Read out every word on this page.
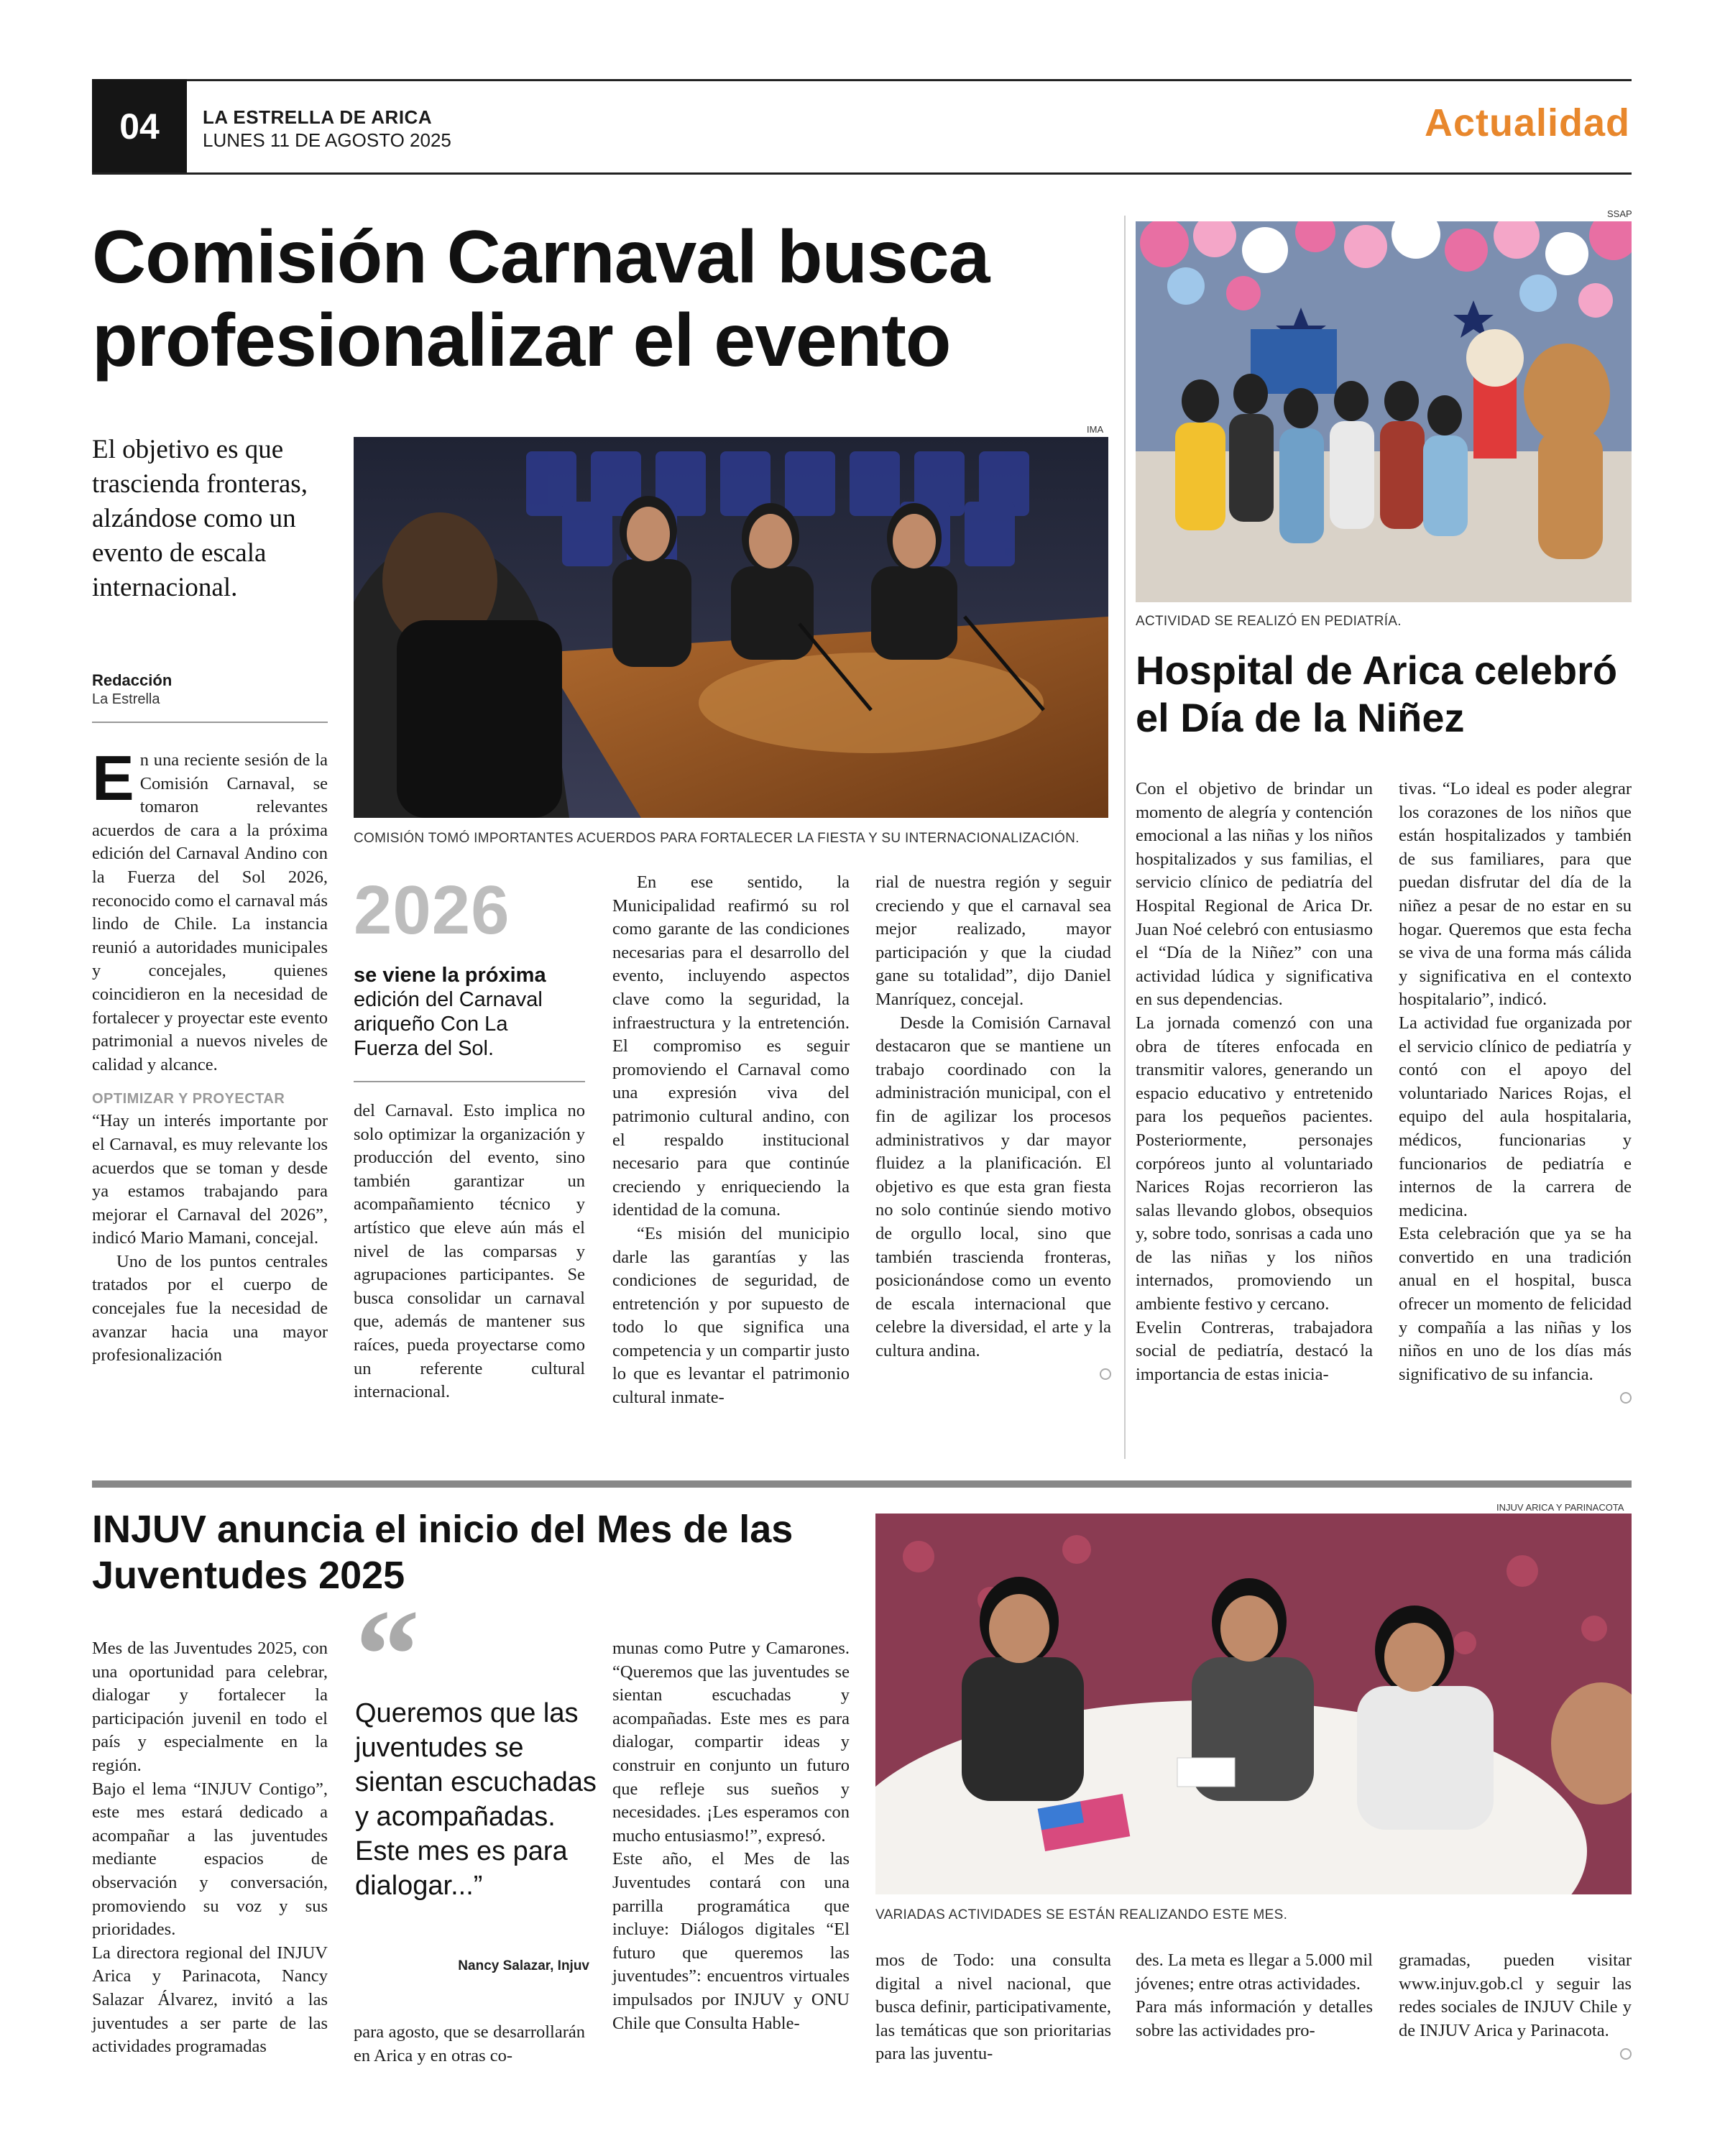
04	LA ESTRELLA DE ARICA
LUNES 11 DE AGOSTO 2025	Actualidad
Comisión Carnaval busca profesionalizar el evento
El objetivo es que trascienda fronteras, alzándose como un evento de escala internacional.
Redacción
La Estrella
IMA
COMISIÓN TOMÓ IMPORTANTES ACUERDOS PARA FORTALECER LA FIESTA Y SU INTERNACIONALIZACIÓN.

En una reciente sesión de la Comisión Carnaval, se tomaron relevantes acuerdos de cara a la próxima edición del Carnaval Andino con la Fuerza del Sol 2026, reconocido como el carnaval más lindo de Chile. La instancia reunió a autoridades municipales y concejales, quienes coincidieron en la necesidad de fortalecer y proyectar este evento patrimonial a nuevos niveles de calidad y alcance.

OPTIMIZAR Y PROYECTAR

“Hay un interés importante por el Carnaval, es muy relevante los acuerdos que se toman y desde ya estamos trabajando para mejorar el Carnaval del 2026”, indicó Mario Mamani, concejal.

Uno de los puntos centrales tratados por el cuerpo de concejales fue la necesidad de avanzar hacia una mayor profesionalización

2026
se viene la próxima edición del Carnaval ariqueño Con La Fuerza del Sol.

del Carnaval. Esto implica no solo optimizar la organización y producción del evento, sino también garantizar un acompañamiento técnico y artístico que eleve aún más el nivel de las comparsas y agrupaciones participantes. Se busca consolidar un carnaval que, además de mantener sus raíces, pueda proyectarse como un referente cultural internacional.

En ese sentido, la Municipalidad reafirmó su rol como garante de las condiciones necesarias para el desarrollo del evento, incluyendo aspectos clave como la seguridad, la infraestructura y la entretención. El compromiso es seguir promoviendo el Carnaval como una expresión viva del patrimonio cultural andino, con el respaldo institucional necesario para que continúe creciendo y enriqueciendo la identidad de la comuna.

“Es misión del municipio darle las garantías y las condiciones de seguridad, de entretención y por supuesto de todo lo que significa una competencia y un compartir justo lo que es levantar el patrimonio cultural inmate-

rial de nuestra región y seguir creciendo y que el carnaval sea mejor realizado, mayor participación y que la ciudad gane su totalidad”, dijo Daniel Manríquez, concejal.

Desde la Comisión Carnaval destacaron que se mantiene un trabajo coordinado con la administración municipal, con el fin de agilizar los procesos administrativos y dar mayor fluidez a la planificación. El objetivo es que esta gran fiesta no solo continúe siendo motivo de orgullo local, sino que también trascienda fronteras, posicionándose como un evento de escala internacional que celebre la diversidad, el arte y la cultura andina.

SSAP
ACTIVIDAD SE REALIZÓ EN PEDIATRÍA.
Hospital de Arica celebró el Día de la Niñez

Con el objetivo de brindar un momento de alegría y contención emocional a las niñas y los niños hospitalizados y sus familias, el servicio clínico de pediatría del Hospital Regional de Arica Dr. Juan Noé celebró con entusiasmo el “Día de la Niñez” con una actividad lúdica y significativa en sus dependencias.

La jornada comenzó con una obra de títeres enfocada en transmitir valores, generando un espacio educativo y entretenido para los pequeños pacientes. Posteriormente, personajes corpóreos junto al voluntariado Narices Rojas recorrieron las salas llevando globos, obsequios y, sobre todo, sonrisas a cada uno de las niñas y los niños internados, promoviendo un ambiente festivo y cercano.

Evelin Contreras, trabajadora social de pediatría, destacó la importancia de estas inicia-

tivas. “Lo ideal es poder alegrar los corazones de los niños que están hospitalizados y también de sus familiares, para que puedan disfrutar del día de la niñez a pesar de no estar en su hogar. Queremos que esta fecha se viva de una forma más cálida y significativa en el contexto hospitalario”, indicó.

La actividad fue organizada por el servicio clínico de pediatría y contó con el apoyo del voluntariado Narices Rojas, el equipo del aula hospitalaria, médicos, funcionarias y funcionarios de pediatría e internos de la carrera de medicina.

Esta celebración que ya se ha convertido en una tradición anual en el hospital, busca ofrecer un momento de felicidad y compañía a las niñas y los niños en uno de los días más significativo de su infancia.

INJUV anuncia el inicio del Mes de las Juventudes 2025
INJUV ARICA Y PARINACOTA
VARIADAS ACTIVIDADES SE ESTÁN REALIZANDO ESTE MES.

Mes de las Juventudes 2025, con una oportunidad para celebrar, dialogar y fortalecer la participación juvenil en todo el país y especialmente en la región.

Bajo el lema “INJUV Contigo”, este mes estará dedicado a acompañar a las juventudes mediante espacios de observación y conversación, promoviendo su voz y sus prioridades.

La directora regional del INJUV Arica y Parinacota, Nancy Salazar Álvarez, invitó a las juventudes a ser parte de las actividades programadas

“
Queremos que las juventudes se sientan escuchadas y acompañadas. Este mes es para dialogar...”
Nancy Salazar, Injuv

para agosto, que se desarrollarán en Arica y en otras co-

munas como Putre y Camarones. “Queremos que las juventudes se sientan escuchadas y acompañadas. Este mes es para dialogar, compartir ideas y construir en conjunto un futuro que refleje sus sueños y necesidades. ¡Les esperamos con mucho entusiasmo!”, expresó.

Este año, el Mes de las Juventudes contará con una parrilla programática que incluye: Diálogos digitales “El futuro que queremos las juventudes”: encuentros virtuales impulsados por INJUV y ONU Chile que Consulta Hable-

mos de Todo: una consulta digital a nivel nacional, que busca definir, participativamente, las temáticas que son prioritarias para las juventu-

des. La meta es llegar a 5.000 mil jóvenes; entre otras actividades.

Para más información y detalles sobre las actividades pro-

gramadas, pueden visitar www.injuv.gob.cl y seguir las redes sociales de INJUV Chile y de INJUV Arica y Parinacota.
